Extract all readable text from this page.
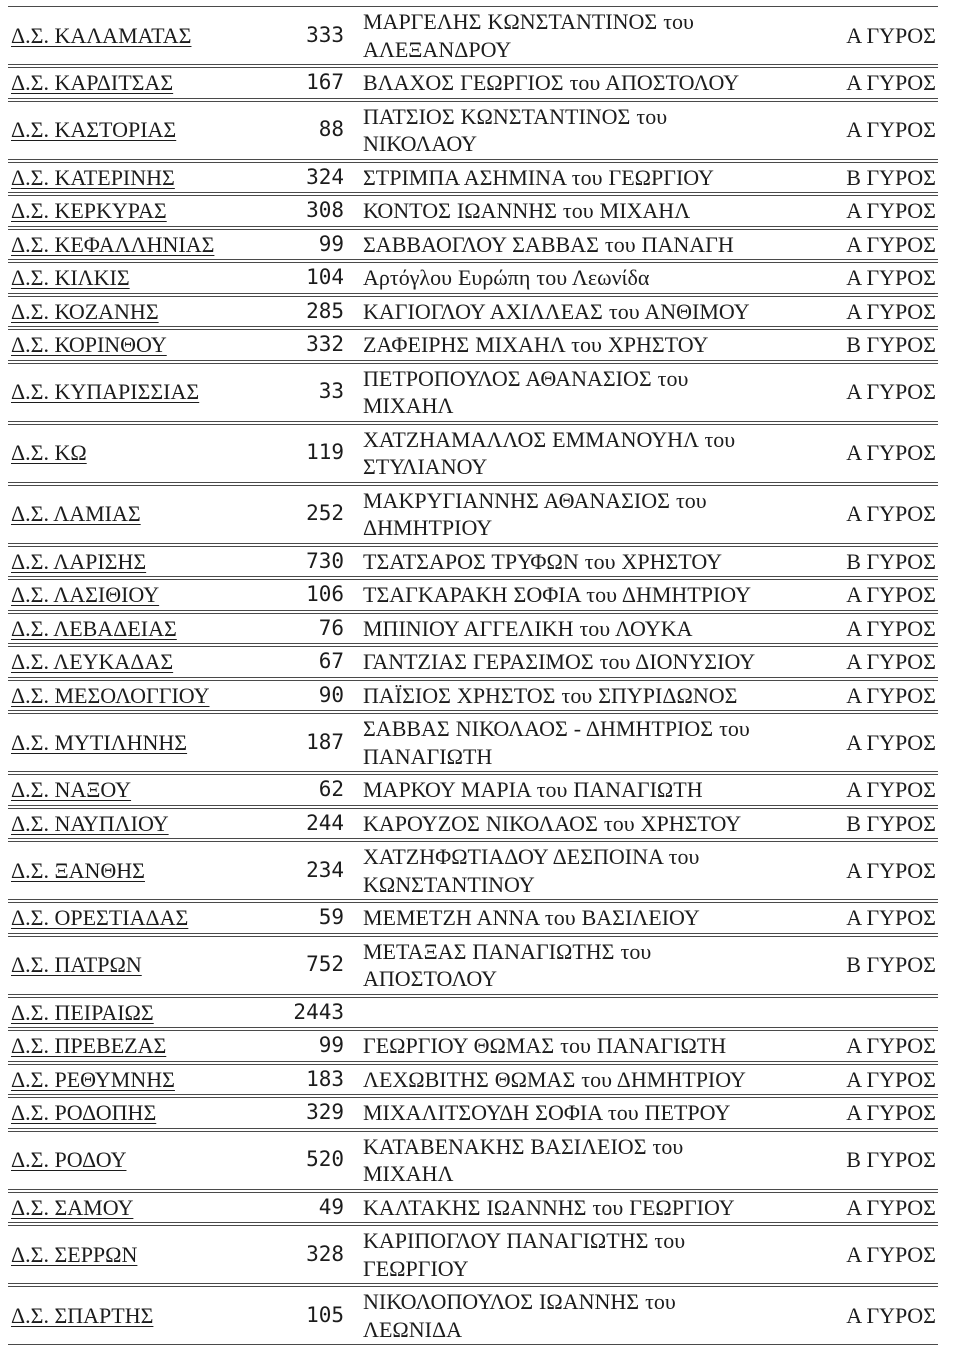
Δ.Σ. ΚΑΛΑΜΑΤΑΣ	333	ΜΑΡΓΕΛΗΣ ΚΩΝΣΤΑΝΤΙΝΟΣ του ΑΛΕΞΑΝΔΡΟΥ	Α ΓΥΡΟΣ
Δ.Σ. ΚΑΡΔΙΤΣΑΣ	167	ΒΛΑΧΟΣ ΓΕΩΡΓΙΟΣ του ΑΠΟΣΤΟΛΟΥ	Α ΓΥΡΟΣ
Δ.Σ. ΚΑΣΤΟΡΙΑΣ	88	ΠΑΤΣΙΟΣ ΚΩΝΣΤΑΝΤΙΝΟΣ του ΝΙΚΟΛΑΟΥ	Α ΓΥΡΟΣ
Δ.Σ. ΚΑΤΕΡΙΝΗΣ	324	ΣΤΡΙΜΠΑ ΑΣΗΜΙΝΑ του ΓΕΩΡΓΙΟΥ	Β ΓΥΡΟΣ
Δ.Σ. ΚΕΡΚΥΡΑΣ	308	ΚΟΝΤΟΣ ΙΩΑΝΝΗΣ του ΜΙΧΑΗΛ	Α ΓΥΡΟΣ
Δ.Σ. ΚΕΦΑΛΛΗΝΙΑΣ	99	ΣΑΒΒΑΟΓΛΟΥ ΣΑΒΒΑΣ του ΠΑΝΑΓΗ	Α ΓΥΡΟΣ
Δ.Σ. ΚΙΛΚΙΣ	104	Αρτόγλου Ευρώπη του Λεωνίδα	Α ΓΥΡΟΣ
Δ.Σ. ΚΟΖΑΝΗΣ	285	ΚΑΓΙΟΓΛΟΥ ΑΧΙΛΛΕΑΣ του ΑΝΘΙΜΟΥ	Α ΓΥΡΟΣ
Δ.Σ. ΚΟΡΙΝΘΟΥ	332	ΖΑΦΕΙΡΗΣ ΜΙΧΑΗΛ του ΧΡΗΣΤΟΥ	Β ΓΥΡΟΣ
Δ.Σ. ΚΥΠΑΡΙΣΣΙΑΣ	33	ΠΕΤΡΟΠΟΥΛΟΣ ΑΘΑΝΑΣΙΟΣ του ΜΙΧΑΗΛ	Α ΓΥΡΟΣ
Δ.Σ. ΚΩ	119	ΧΑΤΖΗΑΜΑΛΛΟΣ ΕΜΜΑΝΟΥΗΛ του ΣΤΥΛΙΑΝΟΥ	Α ΓΥΡΟΣ
Δ.Σ. ΛΑΜΙΑΣ	252	ΜΑΚΡΥΓΙΑΝΝΗΣ ΑΘΑΝΑΣΙΟΣ του ΔΗΜΗΤΡΙΟΥ	Α ΓΥΡΟΣ
Δ.Σ. ΛΑΡΙΣΗΣ	730	ΤΣΑΤΣΑΡΟΣ ΤΡΥΦΩΝ του ΧΡΗΣΤΟΥ	Β ΓΥΡΟΣ
Δ.Σ. ΛΑΣΙΘΙΟΥ	106	ΤΣΑΓΚΑΡΑΚΗ ΣΟΦΙΑ του ΔΗΜΗΤΡΙΟΥ	Α ΓΥΡΟΣ
Δ.Σ. ΛΕΒΑΔΕΙΑΣ	76	ΜΠΙΝΙΟΥ ΑΓΓΕΛΙΚΗ του ΛΟΥΚΑ	Α ΓΥΡΟΣ
Δ.Σ. ΛΕΥΚΑΔΑΣ	67	ΓΑΝΤΖΙΑΣ ΓΕΡΑΣΙΜΟΣ του ΔΙΟΝΥΣΙΟΥ	Α ΓΥΡΟΣ
Δ.Σ. ΜΕΣΟΛΟΓΓΙΟΥ	90	ΠΑΪΣΙΟΣ ΧΡΗΣΤΟΣ του ΣΠΥΡΙΔΩΝΟΣ	Α ΓΥΡΟΣ
Δ.Σ. ΜΥΤΙΛΗΝΗΣ	187	ΣΑΒΒΑΣ ΝΙΚΟΛΑΟΣ - ΔΗΜΗΤΡΙΟΣ του ΠΑΝΑΓΙΩΤΗ	Α ΓΥΡΟΣ
Δ.Σ. ΝΑΞΟΥ	62	ΜΑΡΚΟΥ ΜΑΡΙΑ του ΠΑΝΑΓΙΩΤΗ	Α ΓΥΡΟΣ
Δ.Σ. ΝΑΥΠΛΙΟΥ	244	ΚΑΡΟΥΖΟΣ ΝΙΚΟΛΑΟΣ του ΧΡΗΣΤΟΥ	Β ΓΥΡΟΣ
Δ.Σ. ΞΑΝΘΗΣ	234	ΧΑΤΖΗΦΩΤΙΑΔΟΥ ΔΕΣΠΟΙΝΑ του ΚΩΝΣΤΑΝΤΙΝΟΥ	Α ΓΥΡΟΣ
Δ.Σ. ΟΡΕΣΤΙΑΔΑΣ	59	ΜΕΜΕΤΖΗ ΑΝΝΑ του ΒΑΣΙΛΕΙΟΥ	Α ΓΥΡΟΣ
Δ.Σ. ΠΑΤΡΩΝ	752	ΜΕΤΑΞΑΣ ΠΑΝΑΓΙΩΤΗΣ του ΑΠΟΣΤΟΛΟΥ	Β ΓΥΡΟΣ
Δ.Σ. ΠΕΙΡΑΙΩΣ	2443		
Δ.Σ. ΠΡΕΒΕΖΑΣ	99	ΓΕΩΡΓΙΟΥ ΘΩΜΑΣ του ΠΑΝΑΓΙΩΤΗ	Α ΓΥΡΟΣ
Δ.Σ. ΡΕΘΥΜΝΗΣ	183	ΛΕΧΩΒΙΤΗΣ ΘΩΜΑΣ του ΔΗΜΗΤΡΙΟΥ	Α ΓΥΡΟΣ
Δ.Σ. ΡΟΔΟΠΗΣ	329	ΜΙΧΑΛΙΤΣΟΥΔΗ ΣΟΦΙΑ του ΠΕΤΡΟΥ	Α ΓΥΡΟΣ
Δ.Σ. ΡΟΔΟΥ	520	ΚΑΤΑΒΕΝΑΚΗΣ ΒΑΣΙΛΕΙΟΣ του ΜΙΧΑΗΛ	Β ΓΥΡΟΣ
Δ.Σ. ΣΑΜΟΥ	49	ΚΑΛΤΑΚΗΣ ΙΩΑΝΝΗΣ του ΓΕΩΡΓΙΟΥ	Α ΓΥΡΟΣ
Δ.Σ. ΣΕΡΡΩΝ	328	ΚΑΡΙΠΟΓΛΟΥ ΠΑΝΑΓΙΩΤΗΣ του ΓΕΩΡΓΙΟΥ	Α ΓΥΡΟΣ
Δ.Σ. ΣΠΑΡΤΗΣ	105	ΝΙΚΟΛΟΠΟΥΛΟΣ ΙΩΑΝΝΗΣ του ΛΕΩΝΙΔΑ	Α ΓΥΡΟΣ
